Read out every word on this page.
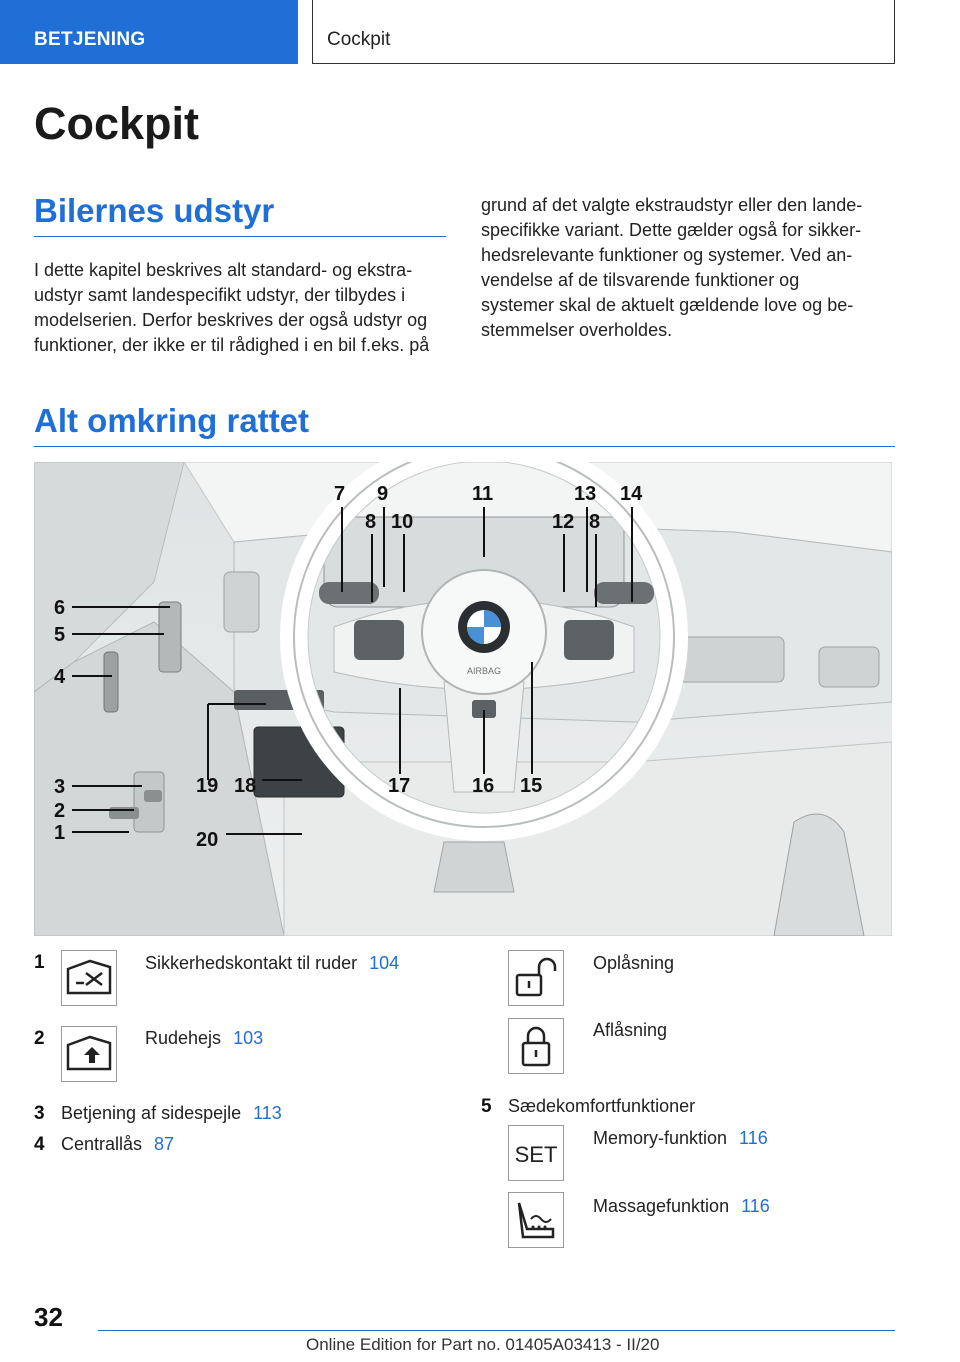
BETJENING	Cockpit
Cockpit
Bilernes udstyr
I dette kapitel beskrives alt standard- og ekstra-
udstyr samt landespecifikt udstyr, der tilbydes i
modelserien. Derfor beskrives der også udstyr og
funktioner, der ikke er til rådighed i en bil f.eks. på
grund af det valgte ekstraudstyr eller den lande-
specifikke variant. Dette gælder også for sikker-
hedsrelevante funktioner og systemer. Ved an-
vendelse af de tilsvarende funktioner og
systemer skal de aktuelt gældende love og be-
stemmelser overholdes.
Alt omkring rattet
AIRBAG
7 9	11	13 14
8 10	12 8
6
5
4
3
2
1
19 18	17	16 15
20
1	Sikkerhedskontakt til ruder 104
2	Rudehejs 103
3 Betjening af sidespejle 113
4 Centrallås 87
Oplåsning
Aflåsning
5 Sædekomfortfunktioner
SET
Memory-funktion 116
Massagefunktion 116
32
Online Edition for Part no. 01405A03413 - II/20
